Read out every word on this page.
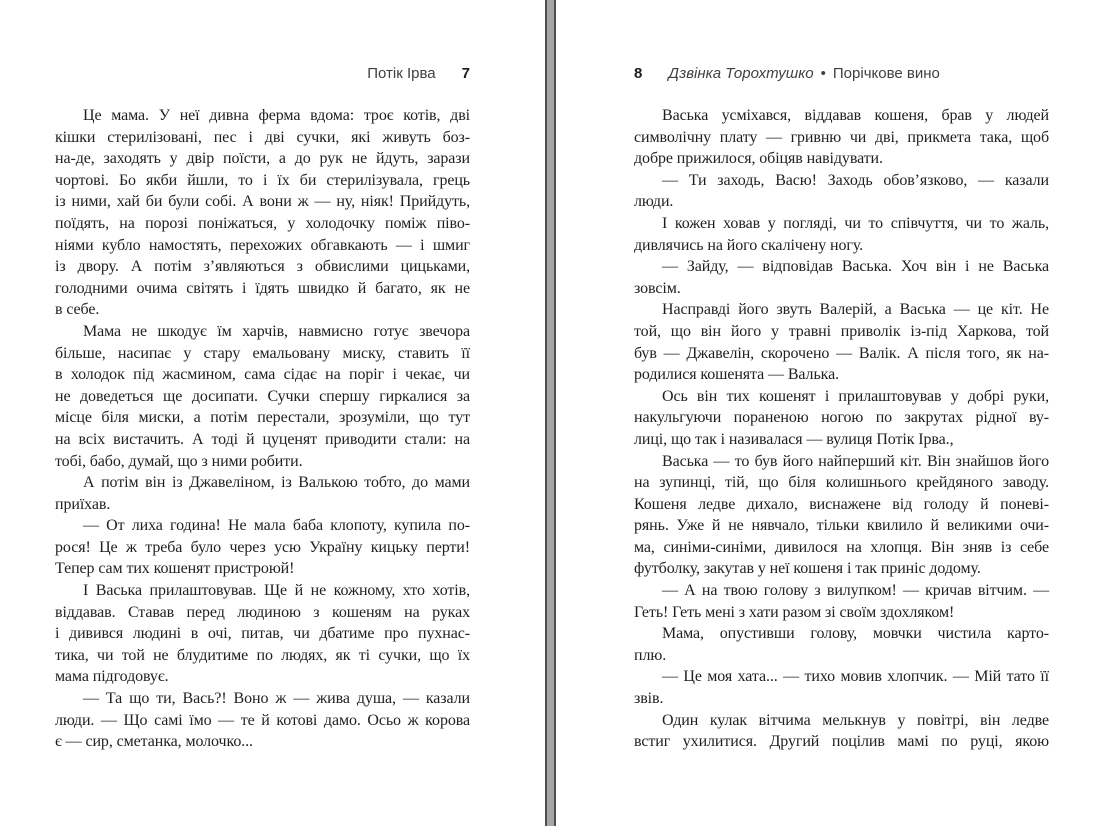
Потік Ірва 7
Це мама. У неї дивна ферма вдома: троє котів, дві
кішки стерилізовані, пес і дві сучки, які живуть боз-
на-де, заходять у двір поїсти, а до рук не йдуть, зарази
чортові. Бо якби йшли, то і їх би стерилізувала, грець
із ними, хай би були собі. А вони ж — ну, ніяк! Прийдуть,
поїдять, на порозі поніжаться, у холодочку поміж піво-
ніями кубло намостять, перехожих обгавкають — і шмиг
із двору. А потім з’являються з обвислими цицьками,
голодними очима світять і їдять швидко й багато, як не
в себе.
Мама не шкодує їм харчів, навмисно готує звечора
більше, насипає у стару емальовану миску, ставить її
в холодок під жасмином, сама сідає на поріг і чекає, чи
не доведеться ще досипати. Сучки спершу гиркалися за
місце біля миски, а потім перестали, зрозуміли, що тут
на всіх вистачить. А тоді й цуценят приводити стали: на
тобі, бабо, думай, що з ними робити.
А потім він із Джавеліном, із Валькою тобто, до мами
приїхав.
— От лиха година! Не мала баба клопоту, купила по-
рося! Це ж треба було через усю Україну кицьку перти!
Тепер сам тих кошенят пристроюй!
І Васька прилаштовував. Ще й не кожному, хто хотів,
віддавав. Ставав перед людиною з кошеням на руках
і дивився людині в очі, питав, чи дбатиме про пухнас-
тика, чи той не блудитиме по людях, як ті сучки, що їх
мама підгодовує.
— Та що ти, Вась?! Воно ж — жива душа, — казали
люди. — Що самі їмо — те й котові дамо. Осьо ж корова
є — сир, сметанка, молочко...
8 Дзвінка Торохтушко • Порічкове вино
Васька усміхався, віддавав кошеня, брав у людей
символічну плату — гривню чи дві, прикмета така, щоб
добре прижилося, обіцяв навідувати.
— Ти заходь, Васю! Заходь обов’язково, — казали
люди.
І кожен ховав у погляді, чи то співчуття, чи то жаль,
дивлячись на його скалічену ногу.
— Зайду, — відповідав Васька. Хоч він і не Васька
зовсім.
Насправді його звуть Валерій, а Васька — це кіт. Не
той, що він його у травні приволік із-під Харкова, той
був — Джавелін, скорочено — Валік. А після того, як на-
родилися кошенята — Валька.
Ось він тих кошенят і прилаштовував у добрі руки,
накульгуючи пораненою ногою по закрутах рідної ву-
лиці, що так і називалася — вулиця Потік Ірва.,
Васька — то був його найперший кіт. Він знайшов його
на зупинці, тій, що біля колишнього крейдяного заводу.
Кошеня ледве дихало, виснажене від голоду й поневі-
рянь. Уже й не нявчало, тільки квилило й великими очи-
ма, синіми-синіми, дивилося на хлопця. Він зняв із себе
футболку, закутав у неї кошеня і так приніс додому.
— А на твою голову з вилупком! — кричав вітчим. —
Геть! Геть мені з хати разом зі своїм здохляком!
Мама, опустивши голову, мовчки чистила карто-
плю.
— Це моя хата... — тихо мовив хлопчик. — Мій тато її
звів.
Один кулак вітчима мелькнув у повітрі, він ледве
встиг ухилитися. Другий поцілив мамі по руці, якою
